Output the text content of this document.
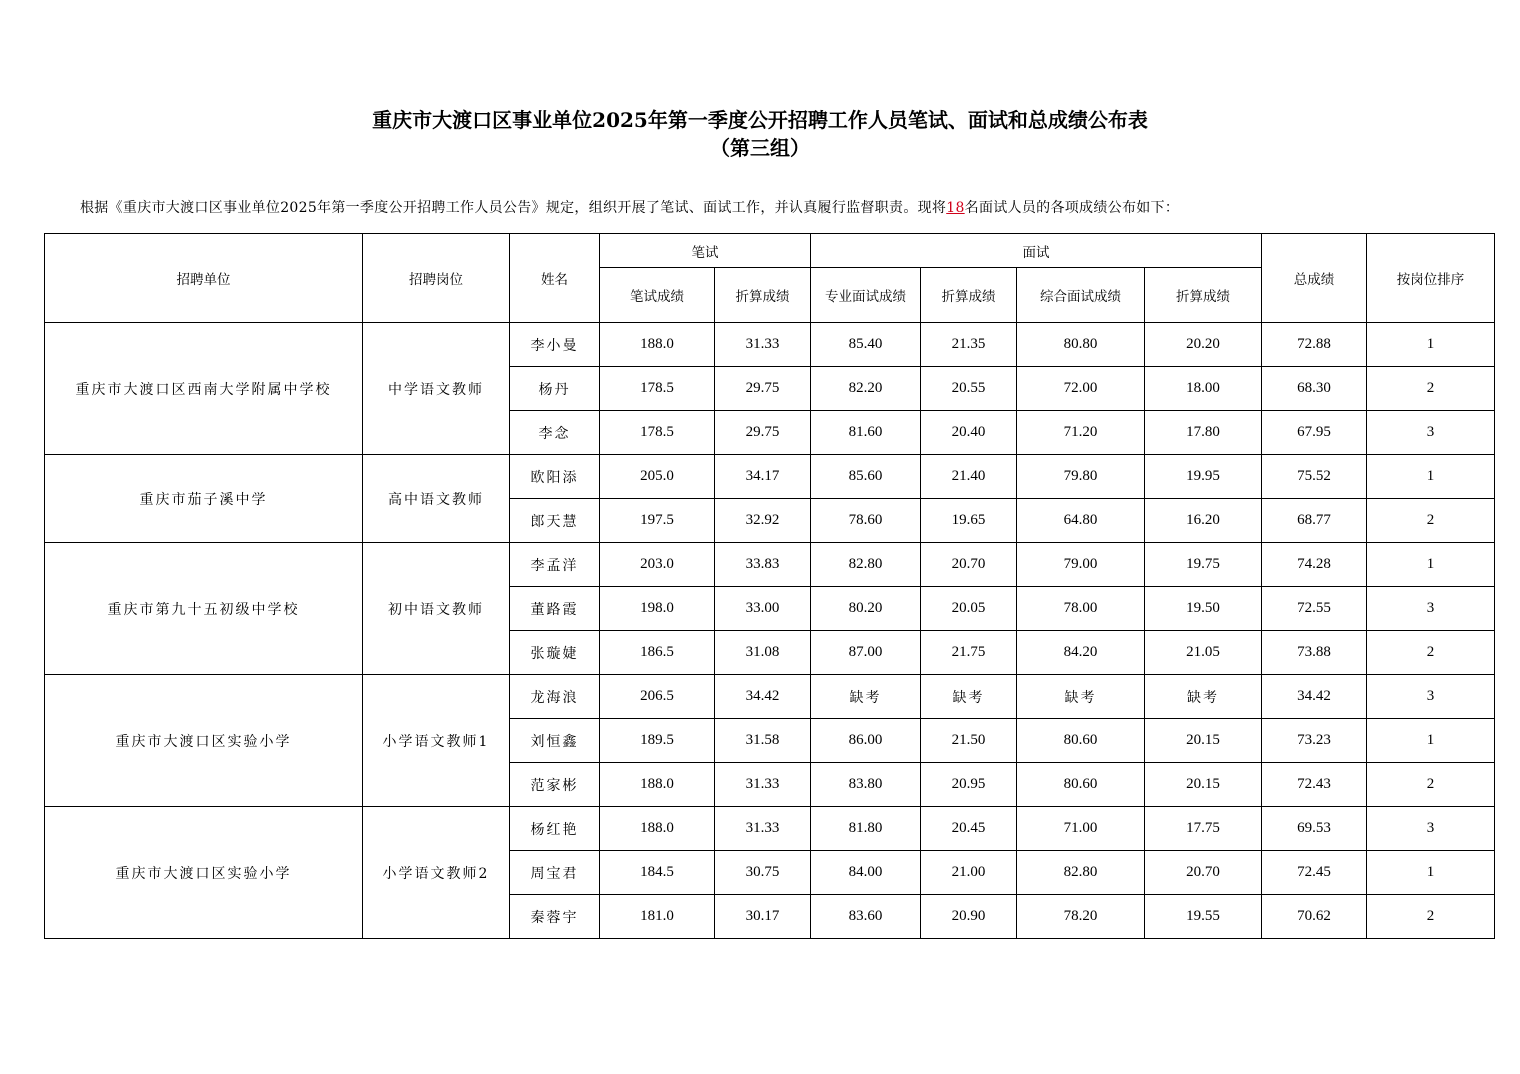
重庆市大渡口区事业单位2025年第一季度公开招聘工作人员笔试、面试和总成绩公布表
（第三组）
根据《重庆市大渡口区事业单位2025年第一季度公开招聘工作人员公告》规定，组织开展了笔试、面试工作，并认真履行监督职责。现将18名面试人员的各项成绩公布如下：
招聘单位	招聘岗位	姓名	笔试		面试				总成绩	按岗位排序
			笔试成绩	折算成绩	专业面试成绩	折算成绩	综合面试成绩	折算成绩		
重庆市大渡口区西南大学附属中学校	中学语文教师	李小曼	188.0	31.33	85.40	21.35	80.80	20.20	72.88	1
		杨丹	178.5	29.75	82.20	20.55	72.00	18.00	68.30	2
		李念	178.5	29.75	81.60	20.40	71.20	17.80	67.95	3
重庆市茄子溪中学	高中语文教师	欧阳添	205.0	34.17	85.60	21.40	79.80	19.95	75.52	1
		郎天慧	197.5	32.92	78.60	19.65	64.80	16.20	68.77	2
重庆市第九十五初级中学校	初中语文教师	李孟洋	203.0	33.83	82.80	20.70	79.00	19.75	74.28	1
		董路霞	198.0	33.00	80.20	20.05	78.00	19.50	72.55	3
		张璇婕	186.5	31.08	87.00	21.75	84.20	21.05	73.88	2
重庆市大渡口区实验小学	小学语文教师1	龙海浪	206.5	34.42	缺考	缺考	缺考	缺考	34.42	3
		刘恒鑫	189.5	31.58	86.00	21.50	80.60	20.15	73.23	1
		范家彬	188.0	31.33	83.80	20.95	80.60	20.15	72.43	2
重庆市大渡口区实验小学	小学语文教师2	杨红艳	188.0	31.33	81.80	20.45	71.00	17.75	69.53	3
		周宝君	184.5	30.75	84.00	21.00	82.80	20.70	72.45	1
		秦蓉宇	181.0	30.17	83.60	20.90	78.20	19.55	70.62	2
